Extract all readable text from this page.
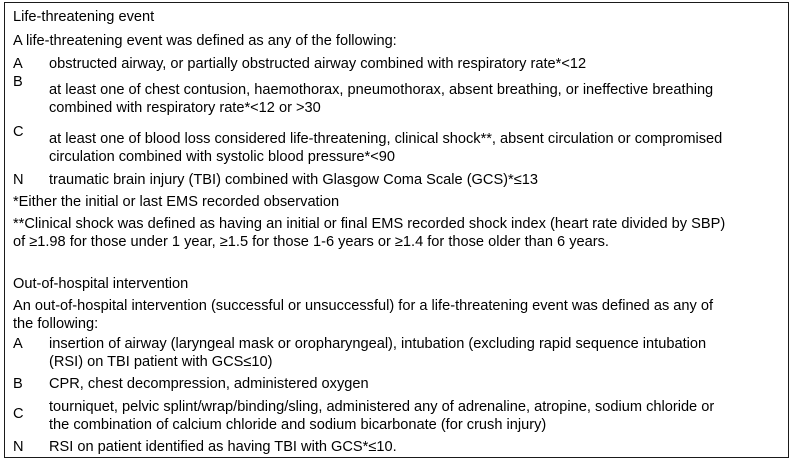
Life-threatening event
A life-threatening event was defined as any of the following:
A obstructed airway, or partially obstructed airway combined with respiratory rate*<12
B at least one of chest contusion, haemothorax, pneumothorax, absent breathing, or ineffective breathing
combined with respiratory rate*<12 or >30
C at least one of blood loss considered life-threatening, clinical shock**, absent circulation or compromised
circulation combined with systolic blood pressure*<90
N traumatic brain injury (TBI) combined with Glasgow Coma Scale (GCS)*≤13
*Either the initial or last EMS recorded observation
**Clinical shock was defined as having an initial or final EMS recorded shock index (heart rate divided by SBP)
of ≥1.98 for those under 1 year, ≥1.5 for those 1-6 years or ≥1.4 for those older than 6 years.
Out-of-hospital intervention
An out-of-hospital intervention (successful or unsuccessful) for a life-threatening event was defined as any of
the following:
A insertion of airway (laryngeal mask or oropharyngeal), intubation (excluding rapid sequence intubation
(RSI) on TBI patient with GCS≤10)
B CPR, chest decompression, administered oxygen
C tourniquet, pelvic splint/wrap/binding/sling, administered any of adrenaline, atropine, sodium chloride or
the combination of calcium chloride and sodium bicarbonate (for crush injury)
N RSI on patient identified as having TBI with GCS*≤10.
